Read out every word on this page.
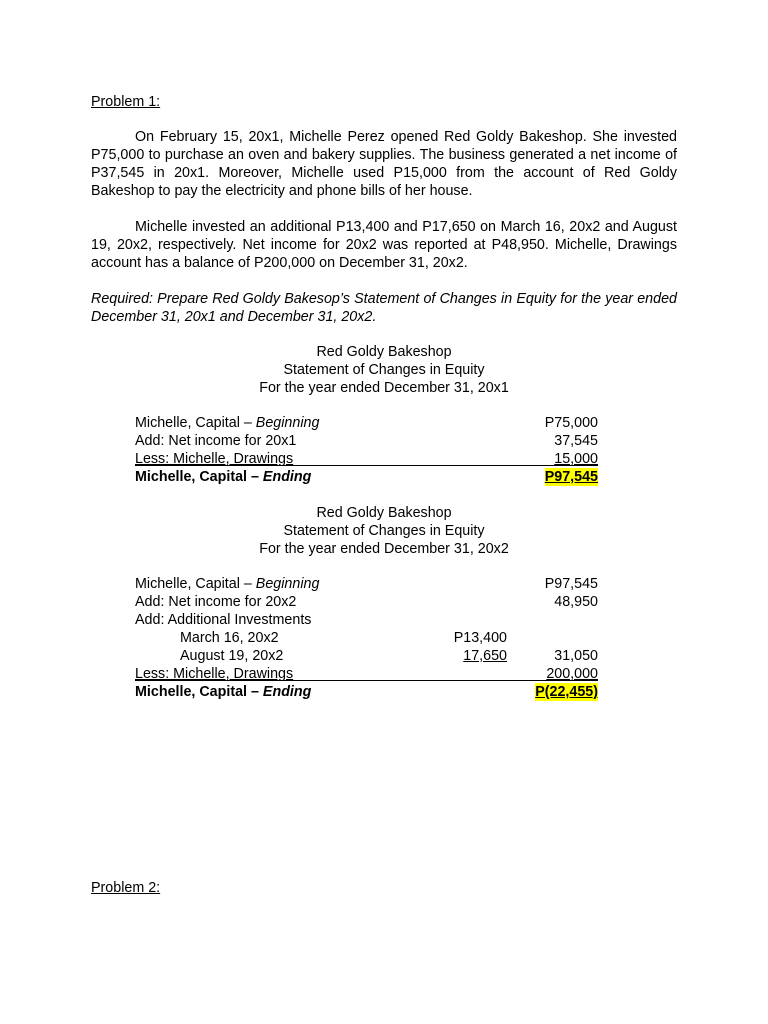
Problem 1:

On February 15, 20x1, Michelle Perez opened Red Goldy Bakeshop. She invested P75,000 to purchase an oven and bakery supplies. The business generated a net income of P37,545 in 20x1. Moreover, Michelle used P15,000 from the account of Red Goldy Bakeshop to pay the electricity and phone bills of her house.

Michelle invested an additional P13,400 and P17,650 on March 16, 20x2 and August 19, 20x2, respectively. Net income for 20x2 was reported at P48,950. Michelle, Drawings account has a balance of P200,000 on December 31, 20x2.

Required: Prepare Red Goldy Bakesop’s Statement of Changes in Equity for the year ended December 31, 20x1 and December 31, 20x2.

Red Goldy Bakeshop
Statement of Changes in Equity
For the year ended December 31, 20x1
Michelle, Capital – Beginning	P75,000
Add: Net income for 20x1	37,545
Less: Michelle, Drawings	15,000
Michelle, Capital – Ending	P97,545
Red Goldy Bakeshop
Statement of Changes in Equity
For the year ended December 31, 20x2
Michelle, Capital – Beginning	P97,545
Add: Net income for 20x2	48,950
Add: Additional Investments
March 16, 20x2	P13,400
August 19, 20x2	17,650	31,050
Less: Michelle, Drawings	200,000
Michelle, Capital – Ending	P(22,455)
Problem 2:
